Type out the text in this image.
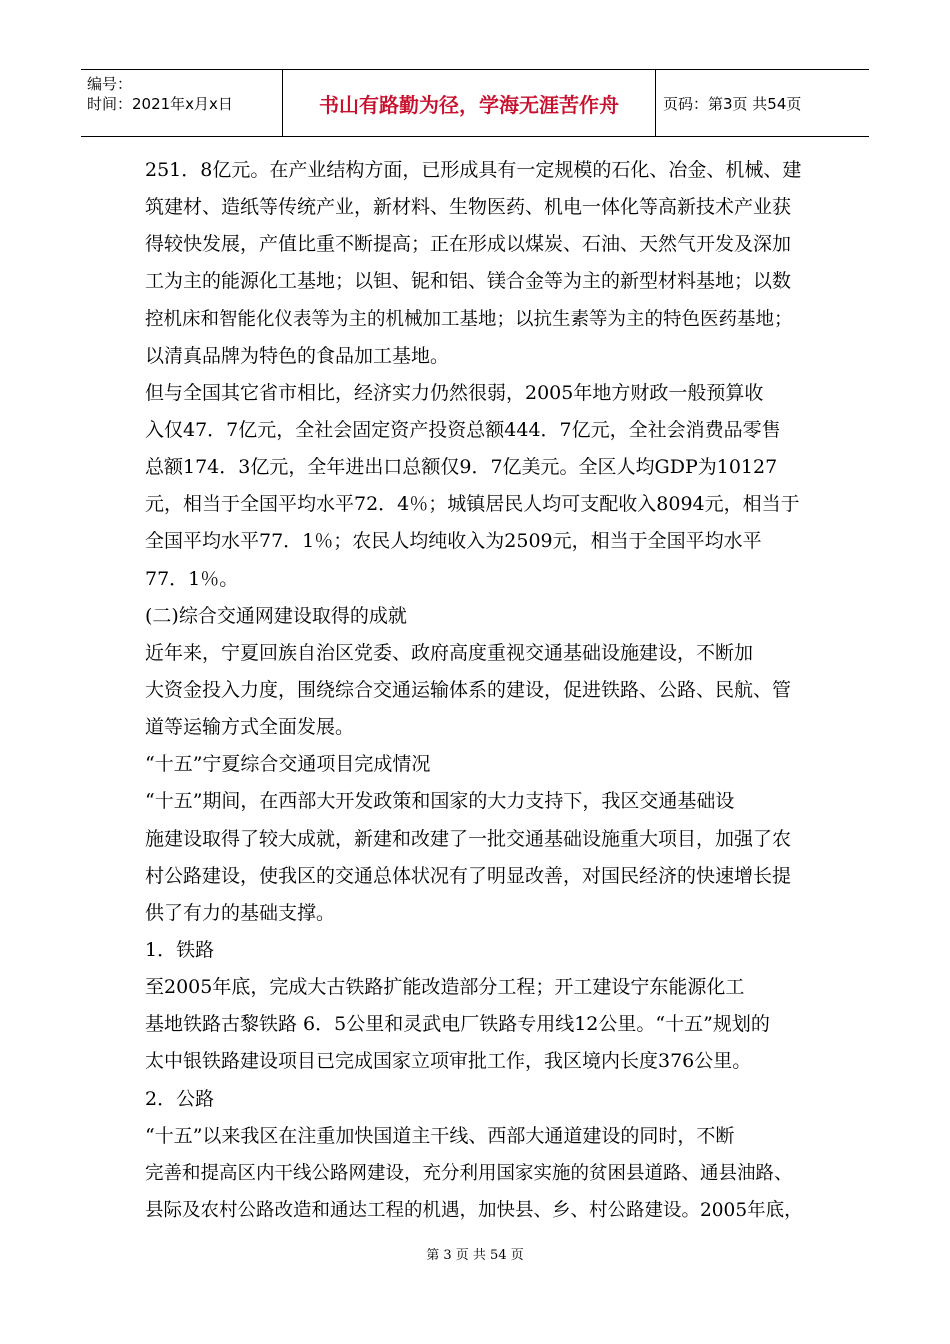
编号：
时间：2021年x月x日	书山有路勤为径，学海无涯苦作舟	页码：第3页 共54页
251．8亿元。在产业结构方面，已形成具有一定规模的石化、冶金、机械、建
筑建材、造纸等传统产业，新材料、生物医药、机电一体化等高新技术产业获
得较快发展，产值比重不断提高；正在形成以煤炭、石油、天然气开发及深加
工为主的能源化工基地；以钽、铌和铝、镁合金等为主的新型材料基地；以数
控机床和智能化仪表等为主的机械加工基地；以抗生素等为主的特色医药基地；
以清真品牌为特色的食品加工基地。
但与全国其它省市相比，经济实力仍然很弱，2005年地方财政一般预算收
入仅47．7亿元，全社会固定资产投资总额444．7亿元，全社会消费品零售
总额174．3亿元，全年进出口总额仅9．7亿美元。全区人均GDP为10127
元，相当于全国平均水平72．4％；城镇居民人均可支配收入8094元，相当于
全国平均水平77．1％；农民人均纯收入为2509元，相当于全国平均水平
77．1％。
(二)综合交通网建设取得的成就
近年来，宁夏回族自治区党委、政府高度重视交通基础设施建设，不断加
大资金投入力度，围绕综合交通运输体系的建设，促进铁路、公路、民航、管
道等运输方式全面发展。
“十五”宁夏综合交通项目完成情况
“十五”期间，在西部大开发政策和国家的大力支持下，我区交通基础设
施建设取得了较大成就，新建和改建了一批交通基础设施重大项目，加强了农
村公路建设，使我区的交通总体状况有了明显改善，对国民经济的快速增长提
供了有力的基础支撑。
1．铁路
至2005年底，完成大古铁路扩能改造部分工程；开工建设宁东能源化工
基地铁路古黎铁路 6．5公里和灵武电厂铁路专用线12公里。“十五”规划的
太中银铁路建设项目已完成国家立项审批工作，我区境内长度376公里。
2．公路
“十五”以来我区在注重加快国道主干线、西部大通道建设的同时，不断
完善和提高区内干线公路网建设，充分利用国家实施的贫困县道路、通县油路、
县际及农村公路改造和通达工程的机遇，加快县、乡、村公路建设。2005年底，
第 3 页 共 54 页
